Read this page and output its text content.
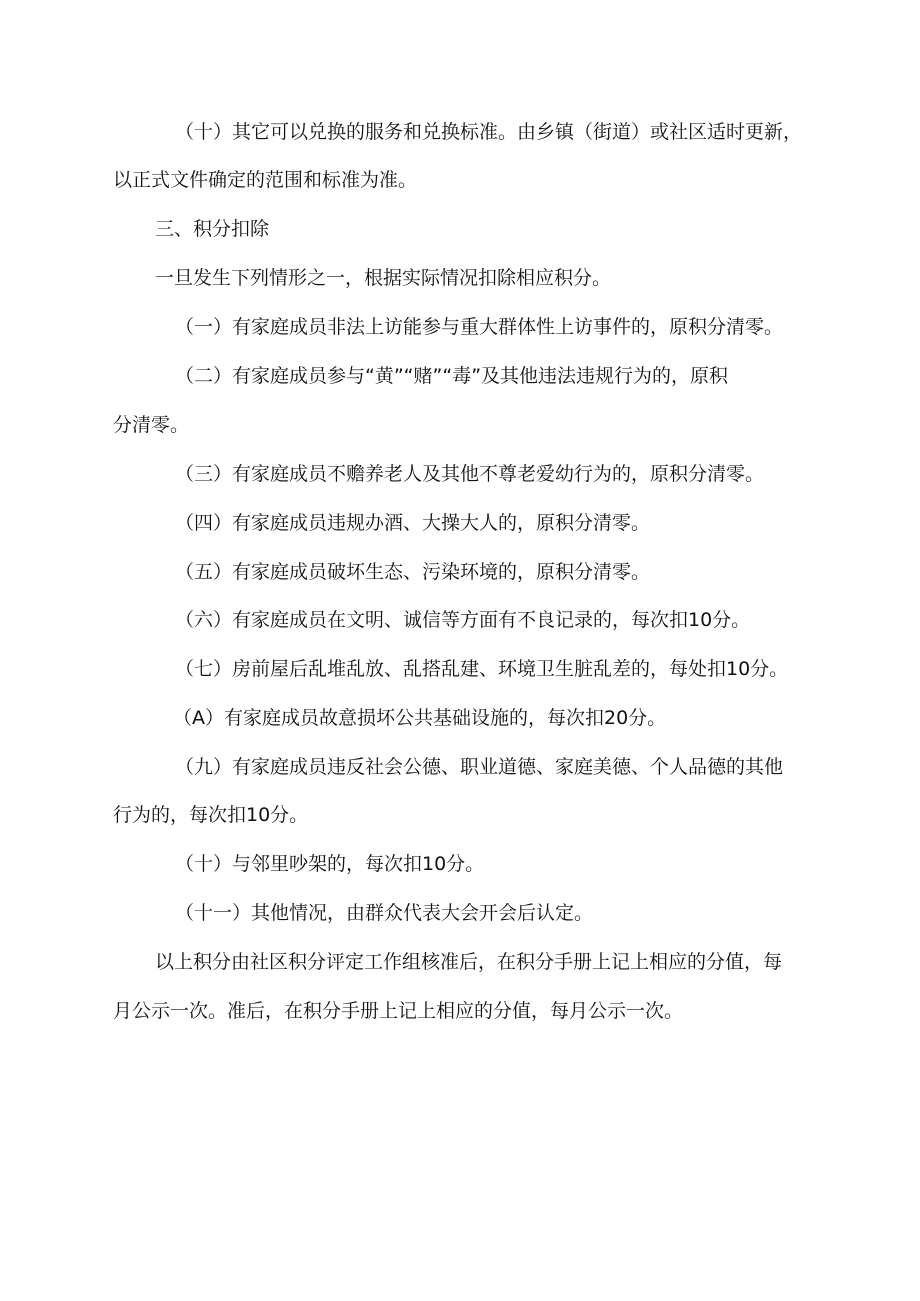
（十）其它可以兑换的服务和兑换标准。由乡镇（街道）或社区适时更新，
以正式文件确定的范围和标准为准。
三、积分扣除
一旦发生下列情形之一，根据实际情况扣除相应积分。
（一）有家庭成员非法上访能参与重大群体性上访事件的，原积分清零。
（二）有家庭成员参与“黄”“赌”“毒”及其他违法违规行为的，原积
分清零。
（三）有家庭成员不赡养老人及其他不尊老爱幼行为的，原积分清零。
（四）有家庭成员违规办酒、大操大人的，原积分清零。
（五）有家庭成员破坏生态、污染环境的，原积分清零。
（六）有家庭成员在文明、诚信等方面有不良记录的，每次扣10分。
（七）房前屋后乱堆乱放、乱搭乱建、环境卫生脏乱差的，每处扣10分。
（A）有家庭成员故意损坏公共基础设施的，每次扣20分。
（九）有家庭成员违反社会公德、职业道德、家庭美德、个人品德的其他
行为的，每次扣10分。
（十）与邻里吵架的，每次扣10分。
（十一）其他情况，由群众代表大会开会后认定。
以上积分由社区积分评定工作组核准后，在积分手册上记上相应的分值，每
月公示一次。准后，在积分手册上记上相应的分值，每月公示一次。
